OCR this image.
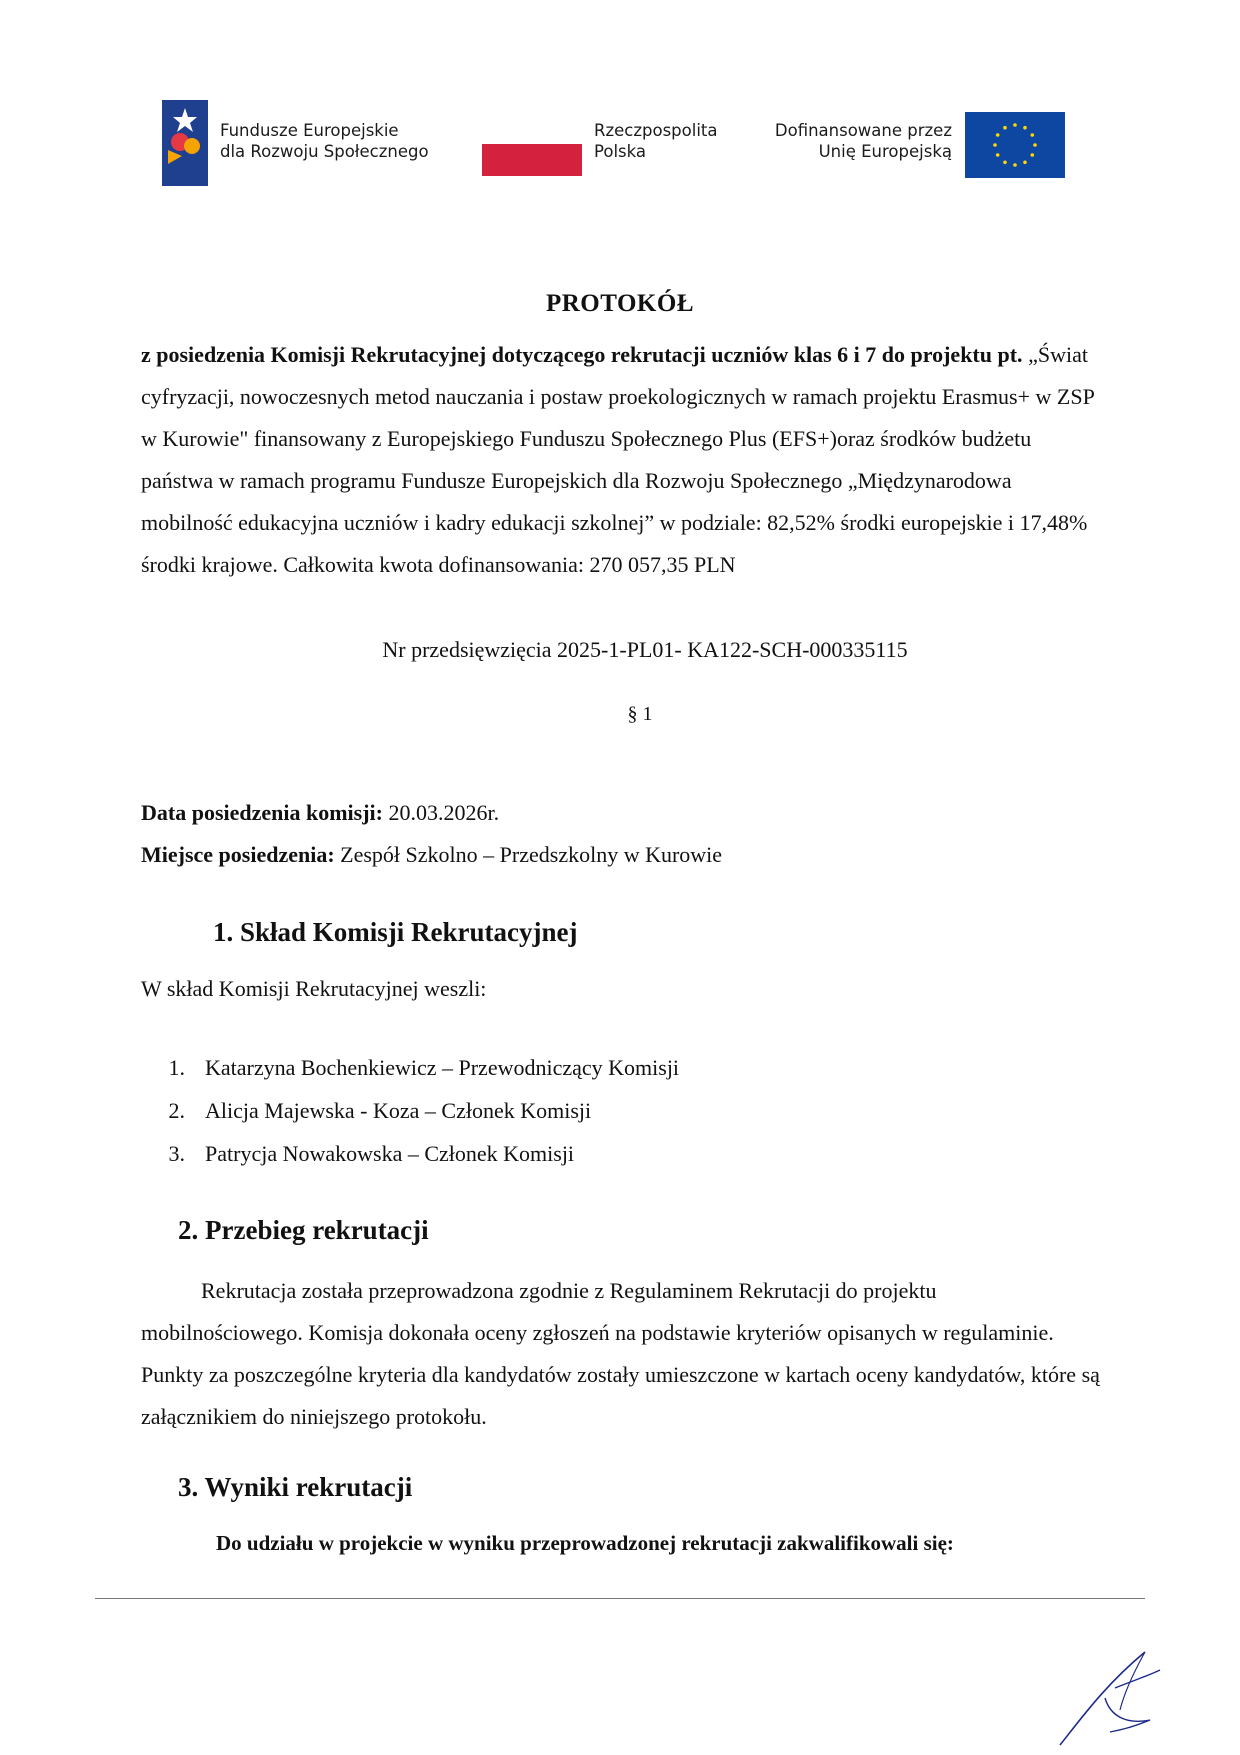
Fundusze Europejskie
dla Rozwoju Społecznego
Rzeczpospolita
Polska
Dofinansowane przez
Unię Europejską
PROTOKÓŁ
z posiedzenia Komisji Rekrutacyjnej dotyczącego rekrutacji uczniów klas 6 i 7 do projektu pt. „Świat cyfryzacji, nowoczesnych metod nauczania i postaw proekologicznych w ramach projektu Erasmus+ w ZSP w Kurowie" finansowany z Europejskiego Funduszu Społecznego Plus (EFS+)oraz środków budżetu państwa w ramach programu Fundusze Europejskich dla Rozwoju Społecznego „Międzynarodowa mobilność edukacyjna uczniów i kadry edukacji szkolnej” w podziale: 82,52% środki europejskie i 17,48% środki krajowe. Całkowita kwota dofinansowania: 270 057,35 PLN
Nr przedsięwzięcia 2025-1-PL01- KA122-SCH-000335115
§ 1
Data posiedzenia komisji: 20.03.2026r.
Miejsce posiedzenia: Zespół Szkolno – Przedszkolny w Kurowie
1. Skład Komisji Rekrutacyjnej
W skład Komisji Rekrutacyjnej weszli:
1. Katarzyna Bochenkiewicz – Przewodniczący Komisji
2. Alicja Majewska - Koza – Członek Komisji
3. Patrycja Nowakowska – Członek Komisji
2. Przebieg rekrutacji
Rekrutacja została przeprowadzona zgodnie z Regulaminem Rekrutacji do projektu mobilnościowego. Komisja dokonała oceny zgłoszeń na podstawie kryteriów opisanych w regulaminie. Punkty za poszczególne kryteria dla kandydatów zostały umieszczone w kartach oceny kandydatów, które są załącznikiem do niniejszego protokołu.
3. Wyniki rekrutacji
Do udziału w projekcie w wyniku przeprowadzonej rekrutacji zakwalifikowali się:
